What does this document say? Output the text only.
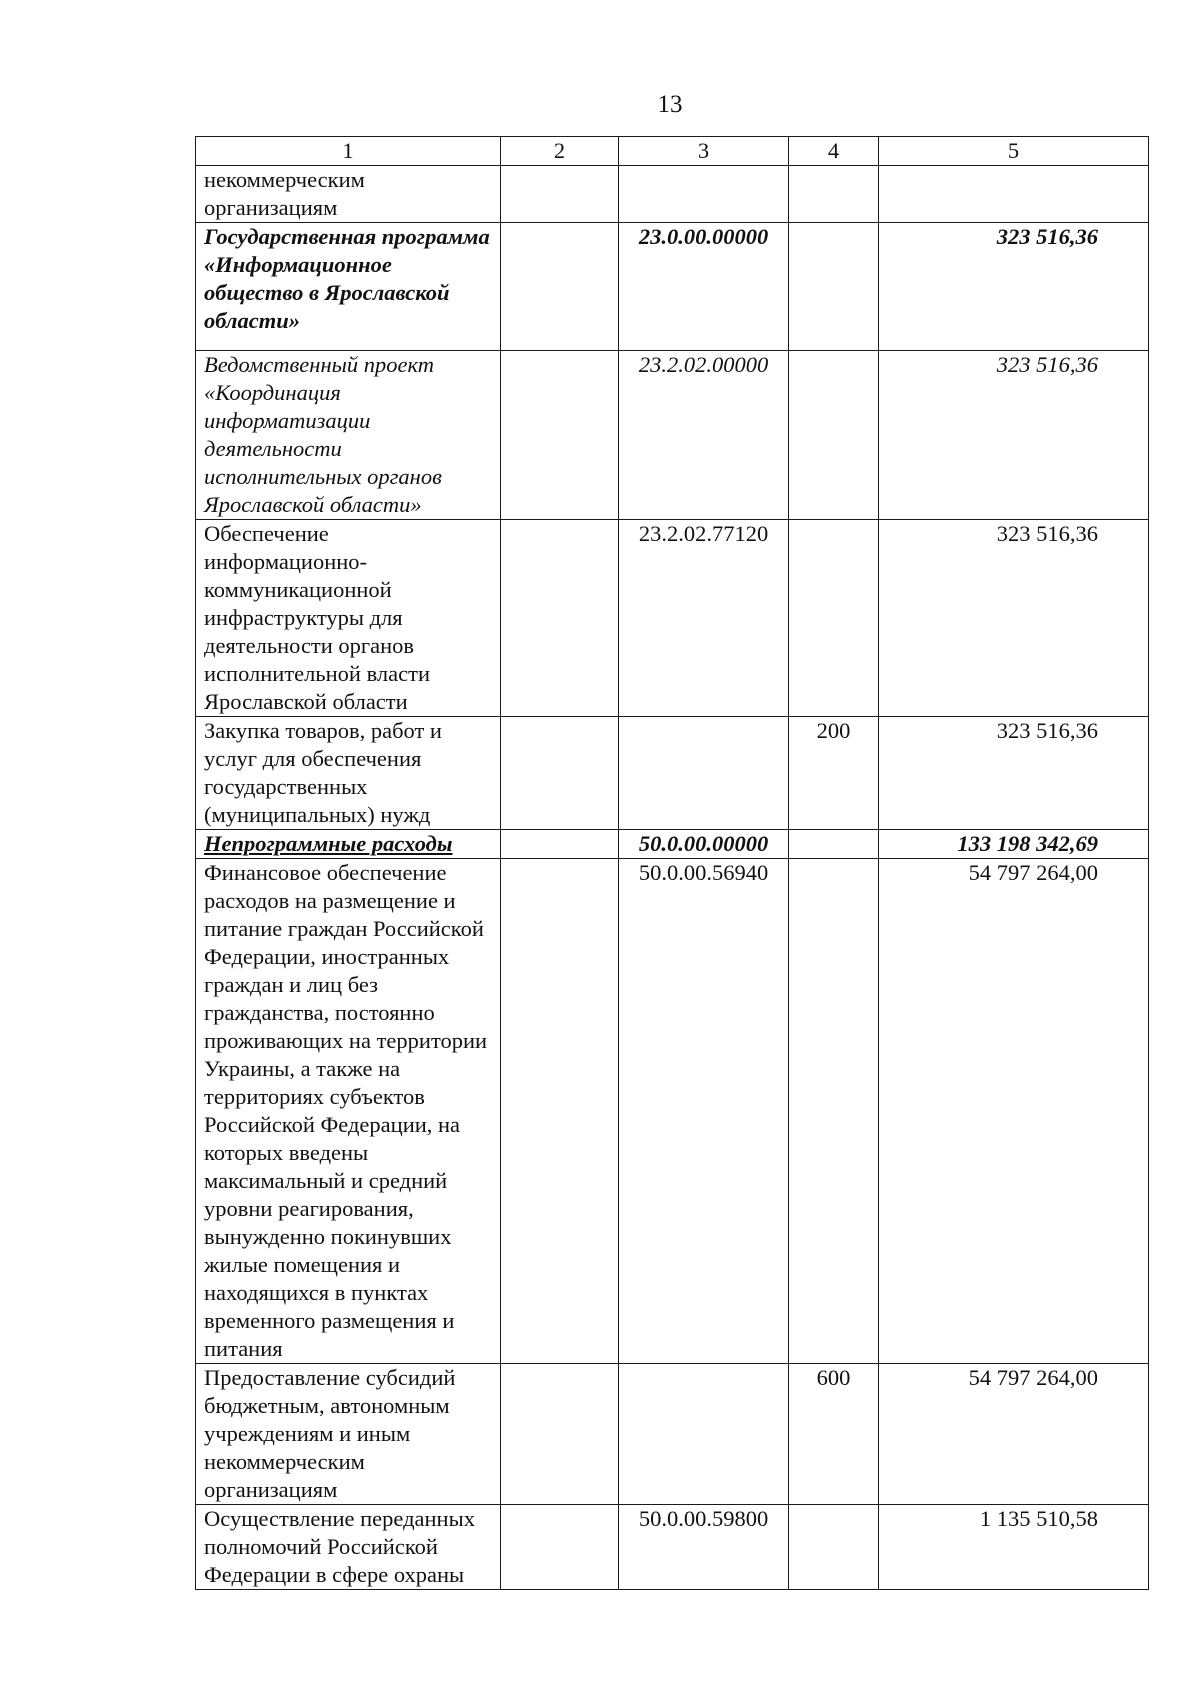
13
1	2	3	4	5
некоммерческим организациям				
Государственная программа «Информационное общество в Ярославской области»		23.0.00.00000		323 516,36
Ведомственный проект «Координация информатизации деятельности исполнительных органов Ярославской области»		23.2.02.00000		323 516,36
Обеспечение информационно-коммуникационной инфраструктуры для деятельности органов исполнительной власти Ярославской области		23.2.02.77120		323 516,36
Закупка товаров, работ и услуг для обеспечения государственных (муниципальных) нужд			200	323 516,36
Непрограммные расходы		50.0.00.00000		133 198 342,69
Финансовое обеспечение расходов на размещение и питание граждан Российской Федерации, иностранных граждан и лиц без гражданства, постоянно проживающих на территории Украины, а также на территориях субъектов Российской Федерации, на которых введены максимальный и средний уровни реагирования, вынужденно покинувших жилые помещения и находящихся в пунктах временного размещения и питания		50.0.00.56940		54 797 264,00
Предоставление субсидий бюджетным, автономным учреждениям и иным некоммерческим организациям			600	54 797 264,00
Осуществление переданных полномочий Российской Федерации в сфере охраны		50.0.00.59800		1 135 510,58
